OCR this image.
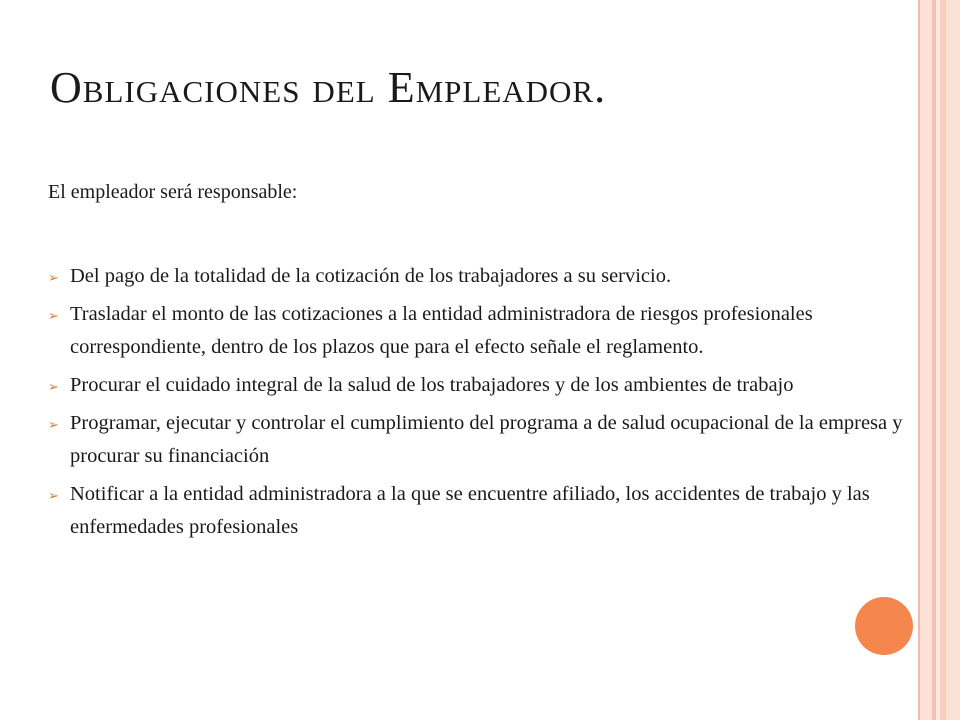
Obligaciones del Empleador.

El empleador será responsable:

➢ Del pago de la totalidad de la cotización de los trabajadores a su servicio.
➢ Trasladar el monto de las cotizaciones a la entidad administradora de riesgos profesionales correspondiente, dentro de los plazos que para el efecto señale el reglamento.
➢ Procurar el cuidado integral de la salud de los trabajadores y de los ambientes de trabajo
➢ Programar, ejecutar y controlar el cumplimiento del programa a de salud ocupacional de la empresa y procurar su financiación
➢ Notificar a la entidad administradora a la que se encuentre afiliado, los accidentes de trabajo y las enfermedades profesionales
